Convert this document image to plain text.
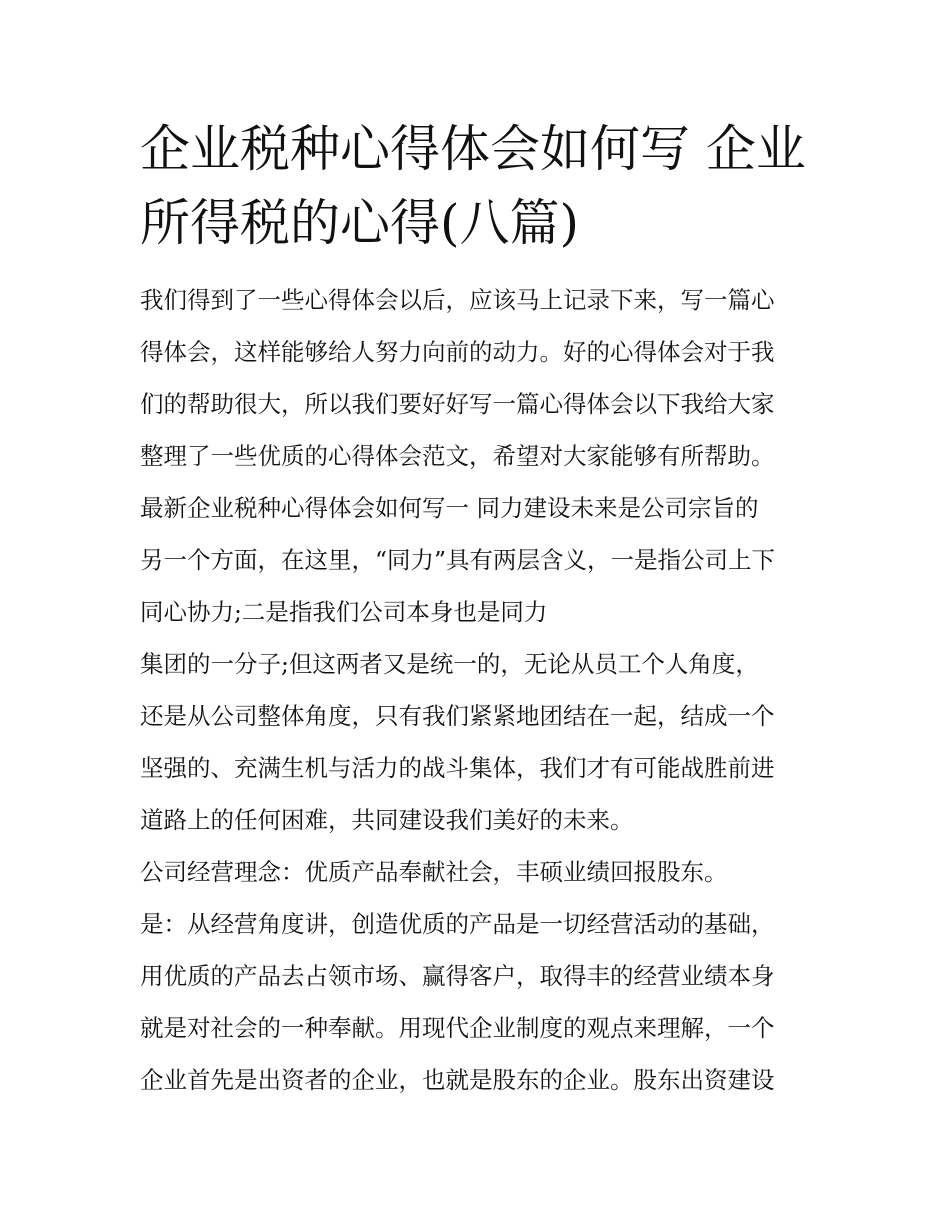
企业税种心得体会如何写 企业
所得税的心得(八篇)
我们得到了一些心得体会以后，应该马上记录下来，写一篇心
得体会，这样能够给人努力向前的动力。好的心得体会对于我
们的帮助很大，所以我们要好好写一篇心得体会以下我给大家
整理了一些优质的心得体会范文，希望对大家能够有所帮助。
最新企业税种心得体会如何写一 同力建设未来是公司宗旨的
另一个方面，在这里，“同力”具有两层含义，一是指公司上下
同心协力;二是指我们公司本身也是同力
集团的一分子;但这两者又是统一的，无论从员工个人角度，
还是从公司整体角度，只有我们紧紧地团结在一起，结成一个
坚强的、充满生机与活力的战斗集体，我们才有可能战胜前进
道路上的任何困难，共同建设我们美好的未来。
公司经营理念：优质产品奉献社会，丰硕业绩回报股东。
是：从经营角度讲，创造优质的产品是一切经营活动的基础，
用优质的产品去占领市场、赢得客户，取得丰的经营业绩本身
就是对社会的一种奉献。用现代企业制度的观点来理解，一个
企业首先是出资者的企业，也就是股东的企业。股东出资建设
